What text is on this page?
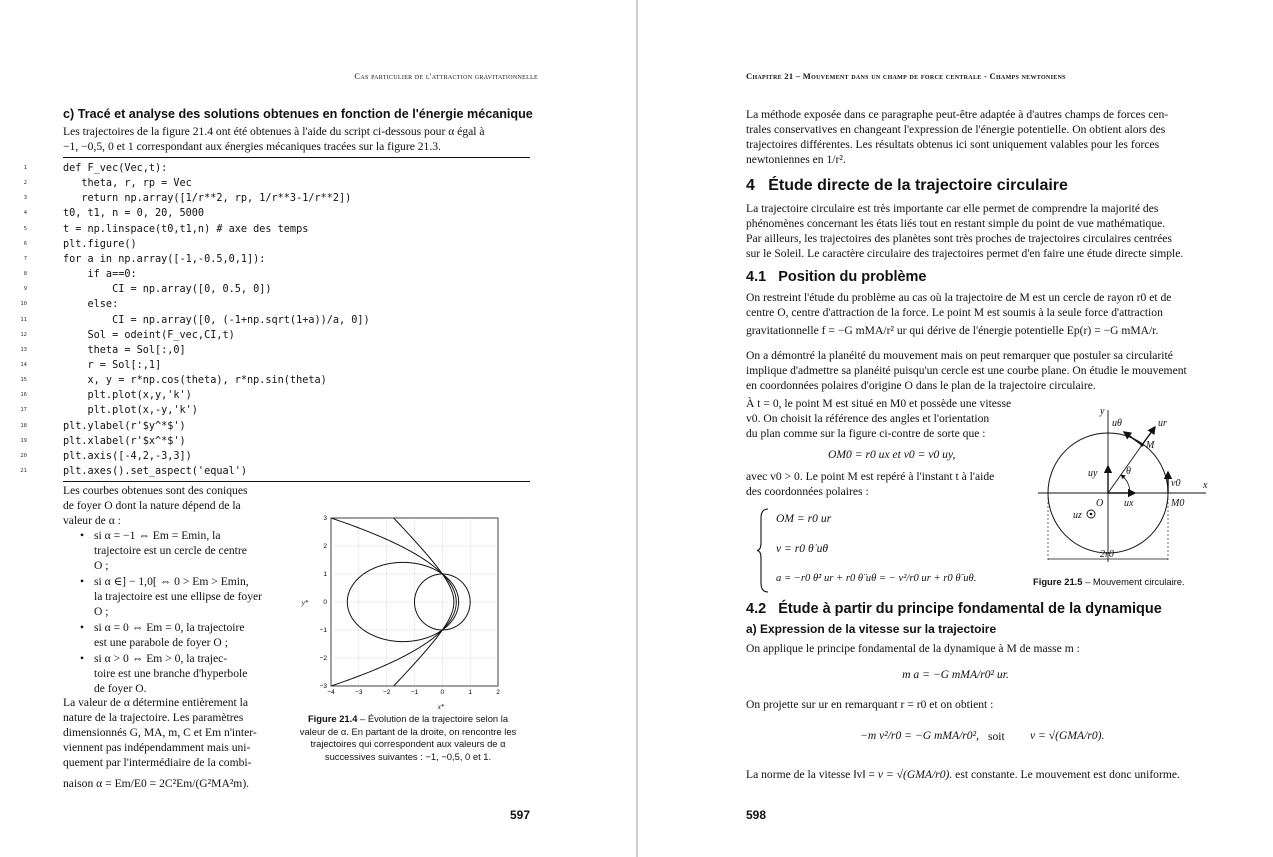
Cas particulier de l'attraction gravitationnelle
c) Tracé et analyse des solutions obtenues en fonction de l'énergie mécanique
Les trajectoires de la figure 21.4 ont été obtenues à l'aide du script ci-dessous pour α égal à
−1, −0,5, 0 et 1 correspondant aux énergies mécaniques tracées sur la figure 21.3.
1	def F_vec(Vec,t):
2	theta, r, rp = Vec
3	return np.array([1/r**2, rp, 1/r**3-1/r**2])
4	t0, t1, n = 0, 20, 5000
5	t = np.linspace(t0,t1,n) # axe des temps
6	plt.figure()
7	for a in np.array([-1,-0.5,0,1]):
8	if a==0:
9	CI = np.array([0, 0.5, 0])
10	else:
11	CI = np.array([0, (-1+np.sqrt(1+a))/a, 0])
12	Sol = odeint(F_vec,CI,t)
13	theta = Sol[:,0]
14	r = Sol[:,1]
15	x, y = r*np.cos(theta), r*np.sin(theta)
16	plt.plot(x,y,'k')
17	plt.plot(x,-y,'k')
18	plt.ylabel(r'$y^*$')
19	plt.xlabel(r'$x^*$')
20	plt.axis([-4,2,-3,3])
21	plt.axes().set_aspect('equal')
Les courbes obtenues sont des coniques
de foyer O dont la nature dépend de la
valeur de α :
• si α = −1 ⇔ Em = Emin, la
trajectoire est un cercle de centre
O ;
• si α ∈] − 1,0[ ⇔ 0 > Em > Emin,
la trajectoire est une ellipse de foyer
O ;
• si α = 0 ⇔ Em = 0, la trajectoire
est une parabole de foyer O ;
• si α > 0 ⇔ Em > 0, la trajec-
toire est une branche d'hyperbole
de foyer O.
La valeur de α détermine entièrement la
nature de la trajectoire. Les paramètres
dimensionnés G, MA, m, C et Em n'inter-
viennent pas indépendamment mais uni-
quement par l'intermédiaire de la combi-
naison α = Em/E0 = 2C²Em/(G²MA²m).
−4	−3	−2	−1	0	1	2
3
2
1
0
−1
−2
−3
x*
y*
Figure 21.4 – Évolution de la trajectoire selon la
valeur de α. En partant de la droite, on rencontre les
trajectoires qui correspondent aux valeurs de α
successives suivantes : −1, −0,5, 0 et 1.
597
Chapitre 21 – Mouvement dans un champ de force centrale - Champs newtoniens
La méthode exposée dans ce paragraphe peut-être adaptée à d'autres champs de forces cen-
trales conservatives en changeant l'expression de l'énergie potentielle. On obtient alors des
trajectoires différentes. Les résultats obtenus ici sont uniquement valables pour les forces
newtoniennes en 1/r².
4 Étude directe de la trajectoire circulaire
La trajectoire circulaire est très importante car elle permet de comprendre la majorité des
phénomènes concernant les états liés tout en restant simple du point de vue mathématique.
Par ailleurs, les trajectoires des planètes sont très proches de trajectoires circulaires centrées
sur le Soleil. Le caractère circulaire des trajectoires permet d'en faire une étude directe simple.
4.1 Position du problème
On restreint l'étude du problème au cas où la trajectoire de M est un cercle de rayon r0 et de
centre O, centre d'attraction de la force. Le point M est soumis à la seule force d'attraction
gravitationnelle f = −G mMA/r² ur qui dérive de l'énergie potentielle Ep(r) = −G mMA/r.
On a démontré la planéité du mouvement mais on peut remarquer que postuler sa circularité
implique d'admettre sa planéité puisqu'un cercle est une courbe plane. On étudie le mouvement
en coordonnées polaires d'origine O dans le plan de la trajectoire circulaire.
À t = 0, le point M est situé en M0 et possède une vitesse
v0. On choisit la référence des angles et l'orientation
du plan comme sur la figure ci-contre de sorte que :
OM0 = r0 ux et v0 = v0 uy,
avec v0 > 0. Le point M est repéré à l'instant t à l'aide
des coordonnées polaires :
OM = r0 ur
v = r0 θ̇ uθ
a = −r0 θ̇² ur + r0 θ̈ uθ = − v²/r0 ur + r0 θ̈ uθ.
y
x
uθ	ur
M
θ
uy
O ux
uz
v0
M0
2r0
Figure 21.5 – Mouvement circulaire.
4.2 Étude à partir du principe fondamental de la dynamique
a) Expression de la vitesse sur la trajectoire
On applique le principe fondamental de la dynamique à M de masse m :
m a = −G mMA/r0² ur.
On projette sur ur en remarquant r = r0 et on obtient :
−m v²/r0 = −G mMA/r0², soit v = √(GMA/r0).
La norme de la vitesse ‖v‖ = v = √(GMA/r0). est constante. Le mouvement est donc uniforme.
598
